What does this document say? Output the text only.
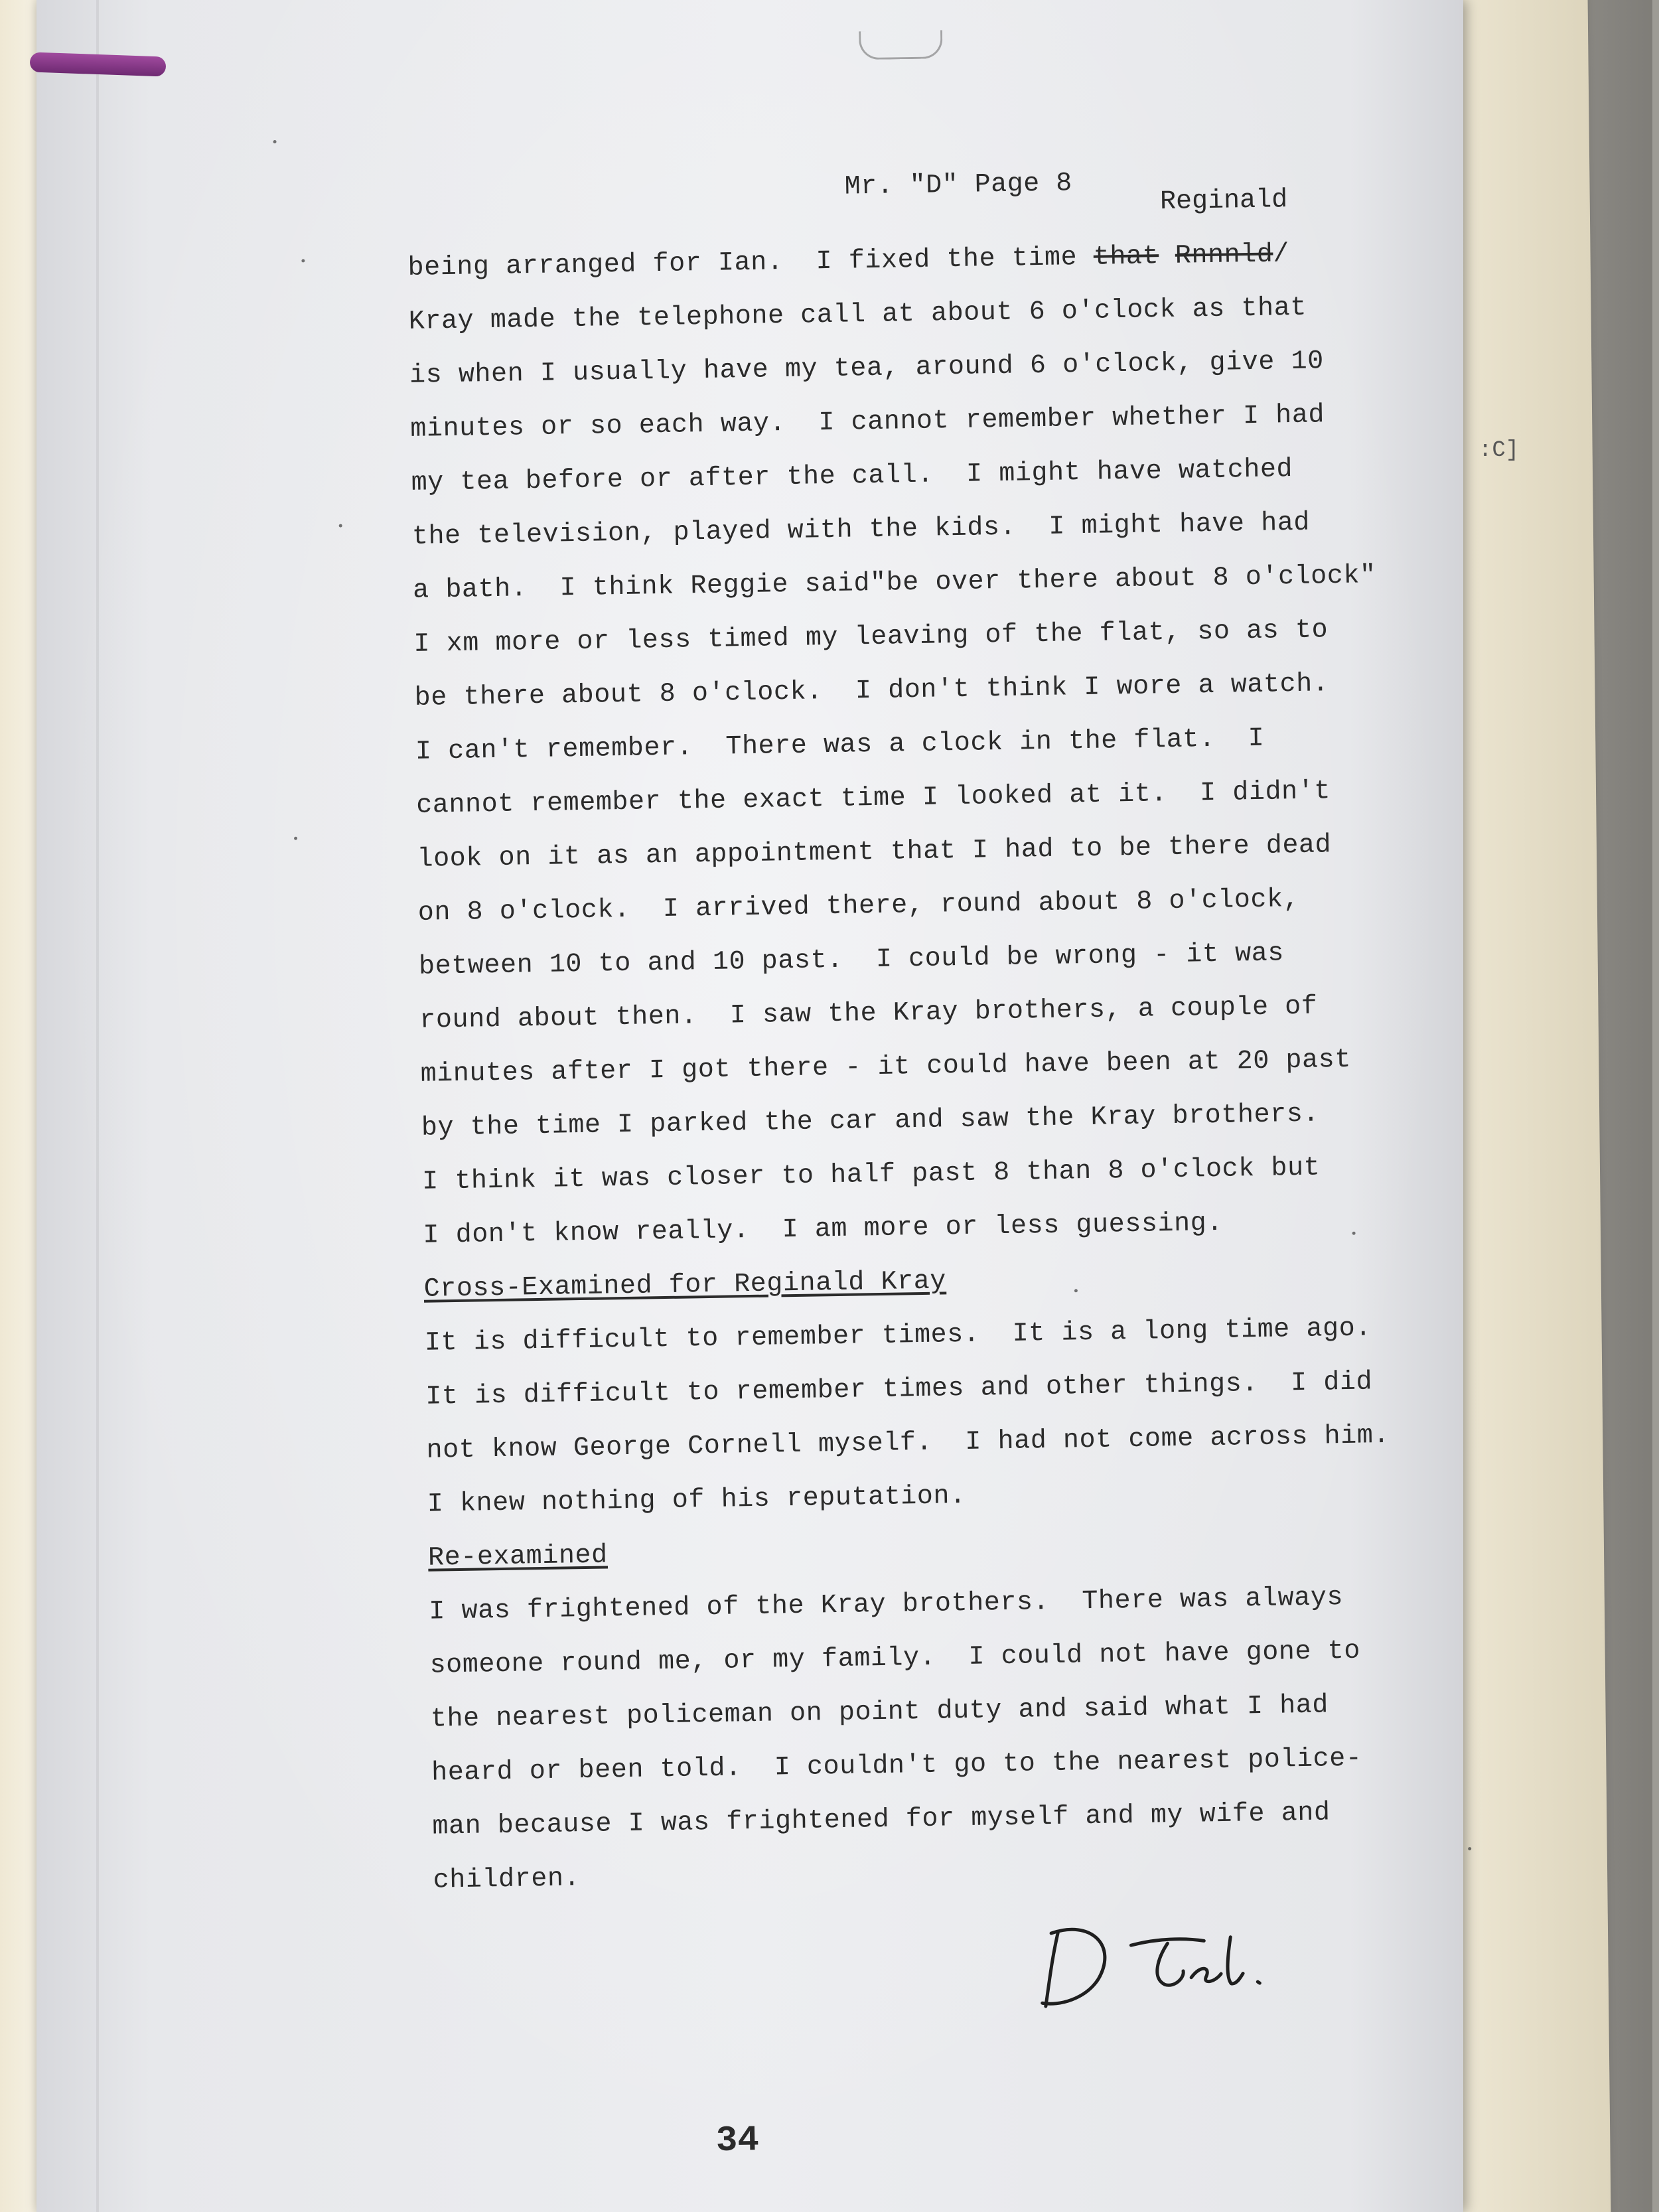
Mr. "D" Page 8	Reginald
being arranged for Ian.  I fixed the time that Rnnnld/
Kray made the telephone call at about 6 o'clock as that
is when I usually have my tea, around 6 o'clock, give 10
minutes or so each way.  I cannot remember whether I had
my tea before or after the call.  I might have watched
the television, played with the kids.  I might have had
a bath.  I think Reggie said"be over there about 8 o'clock"
I xm more or less timed my leaving of the flat, so as to
be there about 8 o'clock.  I don't think I wore a watch.
I can't remember.  There was a clock in the flat.  I
cannot remember the exact time I looked at it.  I didn't
look on it as an appointment that I had to be there dead
on 8 o'clock.  I arrived there, round about 8 o'clock,
between 10 to and 10 past.  I could be wrong - it was
round about then.  I saw the Kray brothers, a couple of
minutes after I got there - it could have been at 20 past
by the time I parked the car and saw the Kray brothers.
I think it was closer to half past 8 than 8 o'clock but
I don't know really.  I am more or less guessing.
Cross-Examined for Reginald Kray
It is difficult to remember times.  It is a long time ago.
It is difficult to remember times and other things.  I did
not know George Cornell myself.  I had not come across him.
I knew nothing of his reputation.
Re-examined
I was frightened of the Kray brothers.  There was always
someone round me, or my family.  I could not have gone to
the nearest policeman on point duty and said what I had
heard or been told.  I couldn't go to the nearest police-
man because I was frightened for myself and my wife and
children.
34
:C]
